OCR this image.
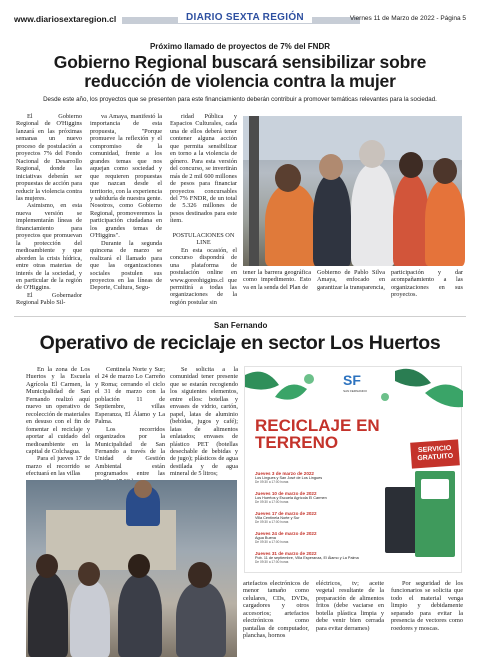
www.diariosextaregion.cl	DIARIO SEXTA REGIÓN	Viernes 11 de Marzo de 2022 - Página 5
Próximo llamado de proyectos de 7% del FNDR
Gobierno Regional buscará sensibilizar sobre reducción de violencia contra la mujer
Desde este año, los proyectos que se presenten para este financiamiento deberán contribuir a promover temáticas relevantes para la sociedad.

El Gobierno Regional de O'Higgins lanzará en las próximas semanas un nuevo proceso de postulación a proyectos 7% del Fondo Nacional de Desarrollo Regional, donde las iniciativas deberán ser propuestas de acción para reducir la violencia contra las mujeres.

Asimismo, en esta nueva versión se implementarán líneas de financiamiento para proyectos que promuevan la protección del medioambiente y que aborden la crisis hídrica, entre otras materias de interés de la sociedad, y en particular de la región de O'Higgins.

El Gobernador Regional Pablo Sil-

va Amaya, manifestó la importancia de esta propuesta, "Porque promueve la reflexión y el compromiso de la comunidad, frente a los grandes temas que nos aquejan como sociedad y que requieren propuestas que nazcan desde el territorio, con la experiencia y sabiduría de nuestra gente. Nosotros, como Gobierno Regional, promoveremos la participación ciudadana en los grandes temas de O'Higgins".

Durante la segunda quincena de marzo se realizará el llamado para que las organizaciones sociales postulen sus proyectos en las líneas de Deporte, Cultura, Segu-

ridad Pública y Espacios Culturales, cada una de ellos deberá tener contener alguna acción que permita sensibilizar en torno a la violencia de género. Para esta versión del concurso, se invertirán más de 2 mil 600 millones de pesos para financiar proyectos concursables del 7% FNDR, de un total de 5.326 millones de pesos destinados para este ítem.

POSTULACIONES ON LINE

En esta ocasión, el concurso dispondrá de una plataforma de postulación online en www.goreohiggins.cl que permitirá a todas las organizaciones de la región postular sin

tener la barrera geográfica como impedimento. Esto va en la senda del Plan de

Gobierno de Pablo Silva Amaya, enfocado en garantizar la transparencia,

participación y dar acompañamiento a las organizaciones en sus proyectos.

San Fernando
Operativo de reciclaje en sector Los Huertos

En la zona de Los Huertos y la Escuela Agrícola El Carmen, la Municipalidad de San Fernando realizó aquí nuevo un operativo de recolección de materiales en desuso con el fin de fomentar el reciclaje y aportar al cuidado del medioambiente en la capital de Colchagua.

Para el jueves 17 de marzo el recorrido se efectuará en las villas

Centinela Norte y Sur; el 24 de marzo Lo Carreño y Roma; cerrando el ciclo el 31 de marzo con la población 11 de Septiembre, villas Esperanza, El Álamo y La Palma.

Los recorridos organizados por la Municipalidad de San Fernando a través de la Unidad de Gestión Ambiental están programados entre las

Se solicita a la comunidad tener presente que se estarán recogiendo los siguientes elementos, entre ellos: botellas y envases de vidrio, cartón, papel, latas de aluminio (bebidas, jugos y café); latas de alimentos enlatados; envases de plástico PET (botellas desechable de bebidas y de jugo); plásticos de agua destilada y de agua mineral de 5 litros;

SF
SAN FERNANDO
RECICLAJE EN TERRENO	SERVICIO GRATUITO
Jueves 3 de marzo de 2022
Los Lingues y San José de Los Lingues
De 09:30 a 17:00 horas
Jueves 10 de marzo de 2022
Los Huertos y Escuela Agrícola El Carmen
De 09:30 a 17:00 horas
Jueves 17 de marzo de 2022
Villa Centinela Norte y Sur
De 09:30 a 17:00 horas
Jueves 24 de marzo de 2022
Agua Buena
De 09:30 a 17:00 horas
Jueves 31 de marzo de 2022
Pob. 11 de septiembre, Villa Esperanza, El Álamo y La Palma
De 09:30 a 17:00 horas

artefactos electrónicos de menor tamaño como celulares, CDs, DVDs, cargadores y otros accesorios; artefactos electrónicos como pantallas de computador, planchas, hornos

eléctricos, tv; aceite vegetal resultante de la preparación de alimentos fritos (debe vaciarse en botella plástica limpia y debe venir bien cerrada para evitar derrames)

Por seguridad de los funcionarios se solicita que todo el material venga limpio y debidamente separado para evitar la presencia de vectores como roedores y moscas.
